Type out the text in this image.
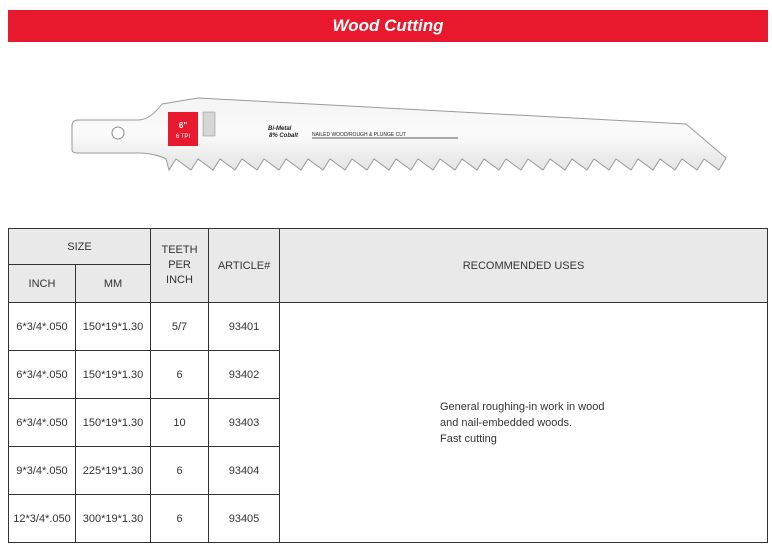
Wood Cutting
6"
6 TPI
Bi-Metal
8% Cobalt	NAILED WOOD/ROUGH & PLUNGE CUT
SIZE		TEETH PER INCH	ARTICLE#	RECOMMENDED USES
INCH	MM			
6*3/4*.050	150*19*1.30	5/7	93401	General roughing-in work in wood
and nail-embedded woods.
Fast cutting

6*3/4*.050	150*19*1.30	6	93402	
6*3/4*.050	150*19*1.30	10	93403	
9*3/4*.050	225*19*1.30	6	93404	
12*3/4*.050	300*19*1.30	6	93405	
